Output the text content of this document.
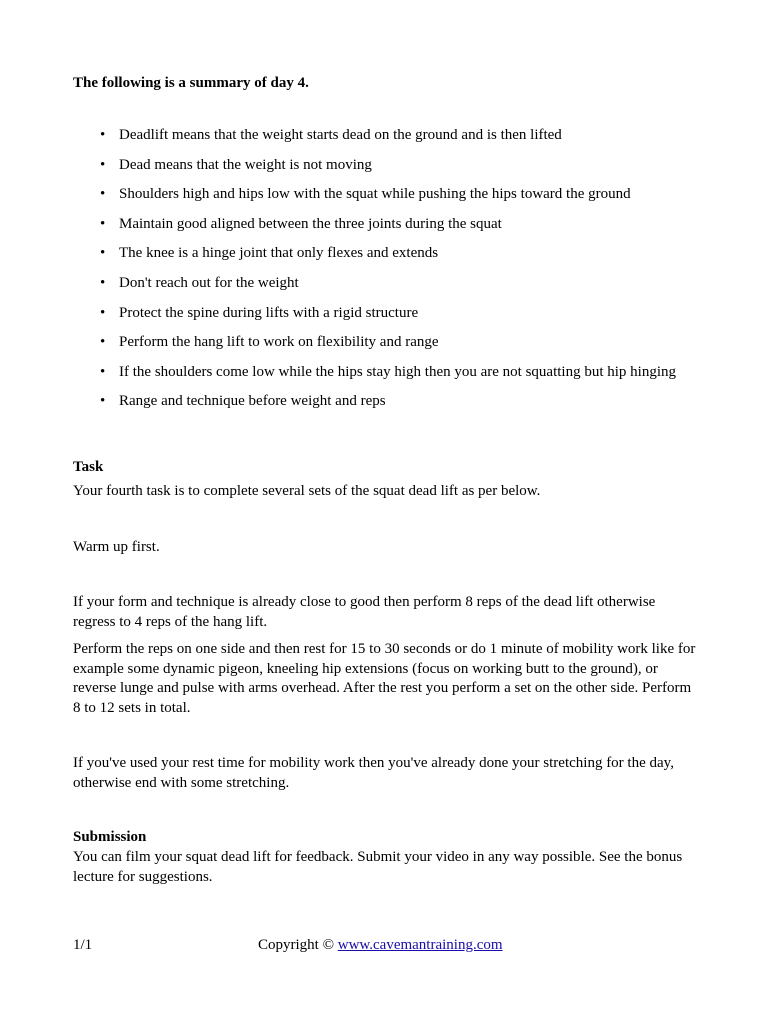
The following is a summary of day 4.
• Deadlift means that the weight starts dead on the ground and is then lifted
• Dead means that the weight is not moving
• Shoulders high and hips low with the squat while pushing the hips toward the ground
• Maintain good aligned between the three joints during the squat
• The knee is a hinge joint that only flexes and extends
• Don't reach out for the weight
• Protect the spine during lifts with a rigid structure
• Perform the hang lift to work on flexibility and range
• If the shoulders come low while the hips stay high then you are not squatting but hip hinging
• Range and technique before weight and reps
Task

Your fourth task is to complete several sets of the squat dead lift as per below.

Warm up first.

If your form and technique is already close to good then perform 8 reps of the dead lift otherwise regress to 4 reps of the hang lift.

Perform the reps on one side and then rest for 15 to 30 seconds or do 1 minute of mobility work like for example some dynamic pigeon, kneeling hip extensions (focus on working butt to the ground), or reverse lunge and pulse with arms overhead. After the rest you perform a set on the other side. Perform 8 to 12 sets in total.

If you've used your rest time for mobility work then you've already done your stretching for the day, otherwise end with some stretching.

Submission

You can film your squat dead lift for feedback. Submit your video in any way possible. See the bonus lecture for suggestions.

1/1	Copyright © www.cavemantraining.com
